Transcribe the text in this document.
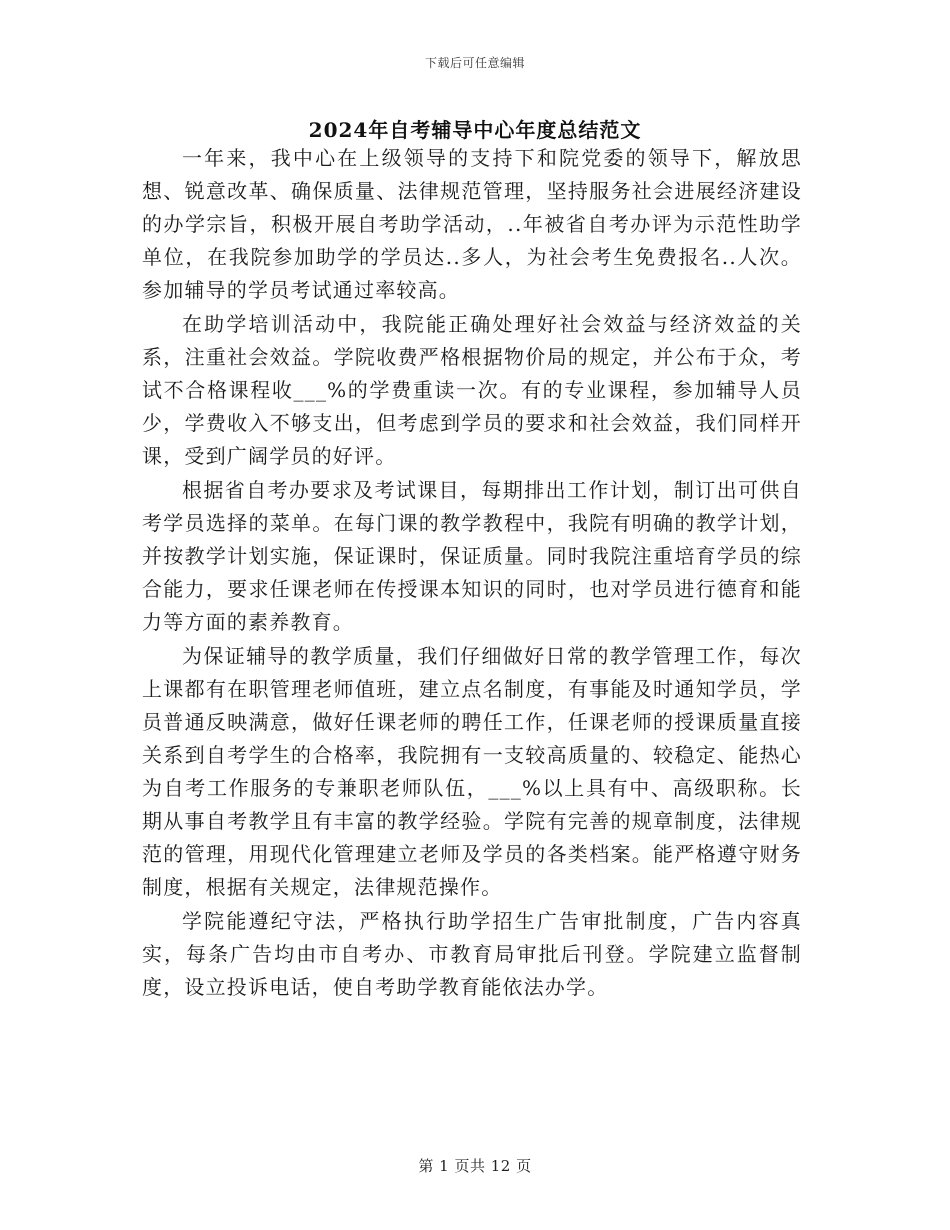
下载后可任意编辑
2024年自考辅导中心年度总结范文

一年来，我中心在上级领导的支持下和院党委的领导下，解放思想、锐意改革、确保质量、法律规范管理，坚持服务社会进展经济建设的办学宗旨，积极开展自考助学活动，..年被省自考办评为示范性助学单位，在我院参加助学的学员达..多人，为社会考生免费报名..人次。参加辅导的学员考试通过率较高。

在助学培训活动中，我院能正确处理好社会效益与经济效益的关系，注重社会效益。学院收费严格根据物价局的规定，并公布于众，考试不合格课程收___%的学费重读一次。有的专业课程，参加辅导人员少，学费收入不够支出，但考虑到学员的要求和社会效益，我们同样开课，受到广阔学员的好评。

根据省自考办要求及考试课目，每期排出工作计划，制订出可供自考学员选择的菜单。在每门课的教学教程中，我院有明确的教学计划，并按教学计划实施，保证课时，保证质量。同时我院注重培育学员的综合能力，要求任课老师在传授课本知识的同时，也对学员进行德育和能力等方面的素养教育。

为保证辅导的教学质量，我们仔细做好日常的教学管理工作，每次上课都有在职管理老师值班，建立点名制度，有事能及时通知学员，学员普通反映满意，做好任课老师的聘任工作，任课老师的授课质量直接关系到自考学生的合格率，我院拥有一支较高质量的、较稳定、能热心为自考工作服务的专兼职老师队伍，___%以上具有中、高级职称。长期从事自考教学且有丰富的教学经验。学院有完善的规章制度，法律规范的管理，用现代化管理建立老师及学员的各类档案。能严格遵守财务制度，根据有关规定，法律规范操作。

学院能遵纪守法，严格执行助学招生广告审批制度，广告内容真实，每条广告均由市自考办、市教育局审批后刊登。学院建立监督制度，设立投诉电话，使自考助学教育能依法办学。

第 1 页共 12 页
